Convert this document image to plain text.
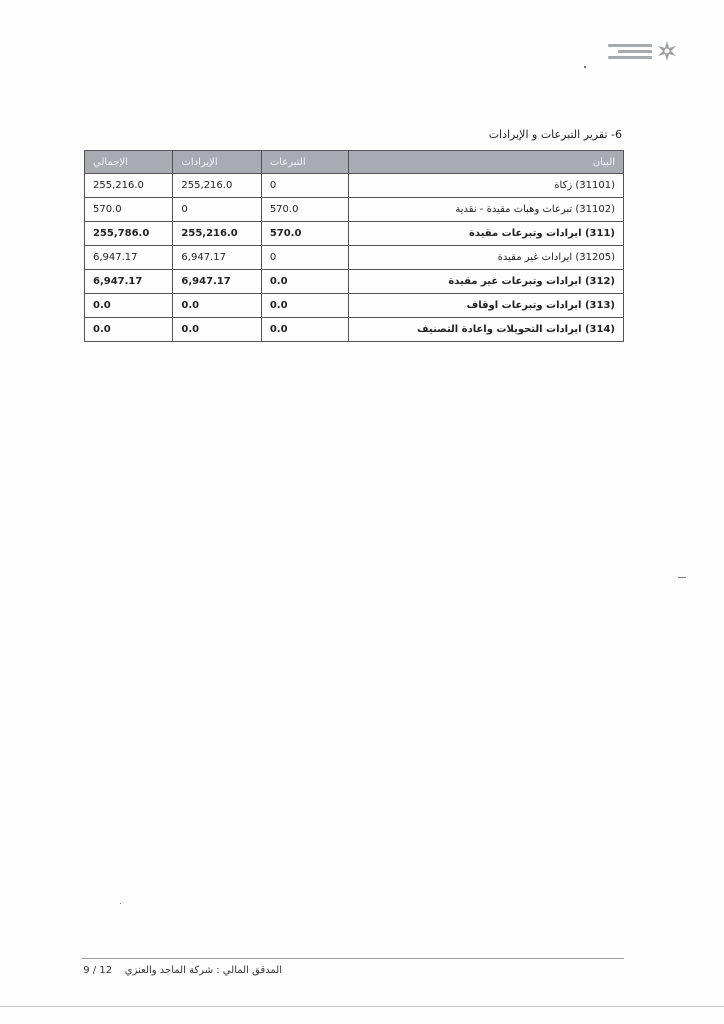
6- تقرير التبرعات و الإيرادات
البيان	التبرعات	الإيرادات	الإجمالي
(31101) زكاة	0	255,216.0	255,216.0
(31102) تبرعات وهبات مقيدة - نقدية	570.0	0	570.0
(311) ايرادات وتبرعات مقيدة	570.0	255,216.0	255,786.0
(31205) ايرادات غير مقيدة	0	6,947.17	6,947.17
(312) ايرادات وتبرعات غير مقيدة	0.0	6,947.17	6,947.17
(313) ايرادات وتبرعات اوقاف	0.0	0.0	0.0
(314) ايرادات التحويلات واعادة التصنيف	0.0	0.0	0.0
المدقق المالي : شركة الماجد والعنزي    12 / 9
